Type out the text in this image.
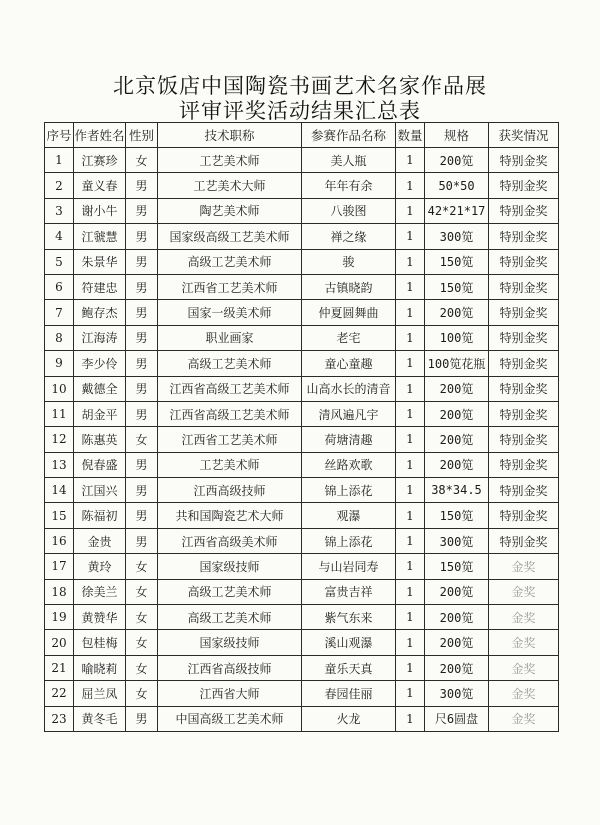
北京饭店中国陶瓷书画艺术名家作品展
评审评奖活动结果汇总表
序号	作者姓名	性别	技术职称	参赛作品名称	数量	规格	获奖情况
1	江赛珍	女	工艺美术师	美人瓶	1	200笕	特别金奖
2	童义春	男	工艺美术大师	年年有余	1	50*50	特别金奖
3	谢小牛	男	陶艺美术师	八骏图	1	42*21*17	特别金奖
4	江虢慧	男	国家级高级工艺美术师	禅之缘	1	300笕	特别金奖
5	朱景华	男	高级工艺美术师	骏	1	150笕	特别金奖
6	符建忠	男	江西省工艺美术师	古镇晓韵	1	150笕	特别金奖
7	鲍存杰	男	国家一级美术师	仲夏圆舞曲	1	200笕	特别金奖
8	江海涛	男	职业画家	老宅	1	100笕	特别金奖
9	李少伶	男	高级工艺美术师	童心童趣	1	100笕花瓶	特别金奖
10	戴德全	男	江西省高级工艺美术师	山高水长的清音	1	200笕	特别金奖
11	胡金平	男	江西省高级工艺美术师	清风遍凡宇	1	200笕	特别金奖
12	陈惠英	女	江西省工艺美术师	荷塘清趣	1	200笕	特别金奖
13	倪春盛	男	工艺美术师	丝路欢歌	1	200笕	特别金奖
14	江国兴	男	江西高级技师	锦上添花	1	38*34.5	特别金奖
15	陈福初	男	共和国陶瓷艺术大师	观瀑	1	150笕	特别金奖
16	金贵	男	江西省高级美术师	锦上添花	1	300笕	特别金奖
17	黄玲	女	国家级技师	与山岩同寿	1	150笕	金奖
18	徐美兰	女	高级工艺美术师	富贵吉祥	1	200笕	金奖
19	黄赞华	女	高级工艺美术师	紫气东来	1	200笕	金奖
20	包桂梅	女	国家级技师	溪山观瀑	1	200笕	金奖
21	喻晓莉	女	江西省高级技师	童乐天真	1	200笕	金奖
22	屈兰凤	女	江西省大师	春园佳丽	1	300笕	金奖
23	黄冬毛	男	中国高级工艺美术师	火龙	1	尺6圆盘	金奖
